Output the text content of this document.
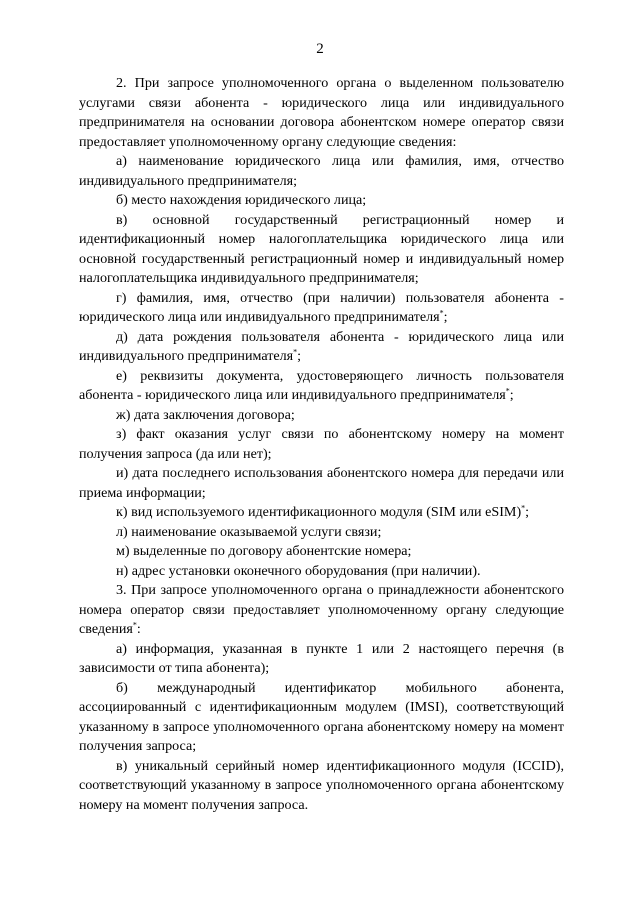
2

2. При запросе уполномоченного органа о выделенном пользователю услугами связи абонента - юридического лица или индивидуального предпринимателя на основании договора абонентском номере оператор связи предоставляет уполномоченному органу следующие сведения:

а) наименование юридического лица или фамилия, имя, отчество индивидуального предпринимателя;

б) место нахождения юридического лица;

в) основной государственный регистрационный номер и идентификационный номер налогоплательщика юридического лица или основной государственный регистрационный номер и индивидуальный номер налогоплательщика индивидуального предпринимателя;

г) фамилия, имя, отчество (при наличии) пользователя абонента - юридического лица или индивидуального предпринимателя*;

д) дата рождения пользователя абонента - юридического лица или индивидуального предпринимателя*;

е) реквизиты документа, удостоверяющего личность пользователя абонента - юридического лица или индивидуального предпринимателя*;

ж) дата заключения договора;

з) факт оказания услуг связи по абонентскому номеру на момент получения запроса (да или нет);

и) дата последнего использования абонентского номера для передачи или приема информации;

к) вид используемого идентификационного модуля (SIM или eSIM)*;

л) наименование оказываемой услуги связи;

м) выделенные по договору абонентские номера;

н) адрес установки оконечного оборудования (при наличии).

3. При запросе уполномоченного органа о принадлежности абонентского номера оператор связи предоставляет уполномоченному органу следующие сведения*:

а) информация, указанная в пункте 1 или 2 настоящего перечня (в зависимости от типа абонента);

б) международный идентификатор мобильного абонента, ассоциированный с идентификационным модулем (IMSI), соответствующий указанному в запросе уполномоченного органа абонентскому номеру на момент получения запроса;

в) уникальный серийный номер идентификационного модуля (ICCID), соответствующий указанному в запросе уполномоченного органа абонентскому номеру на момент получения запроса.
